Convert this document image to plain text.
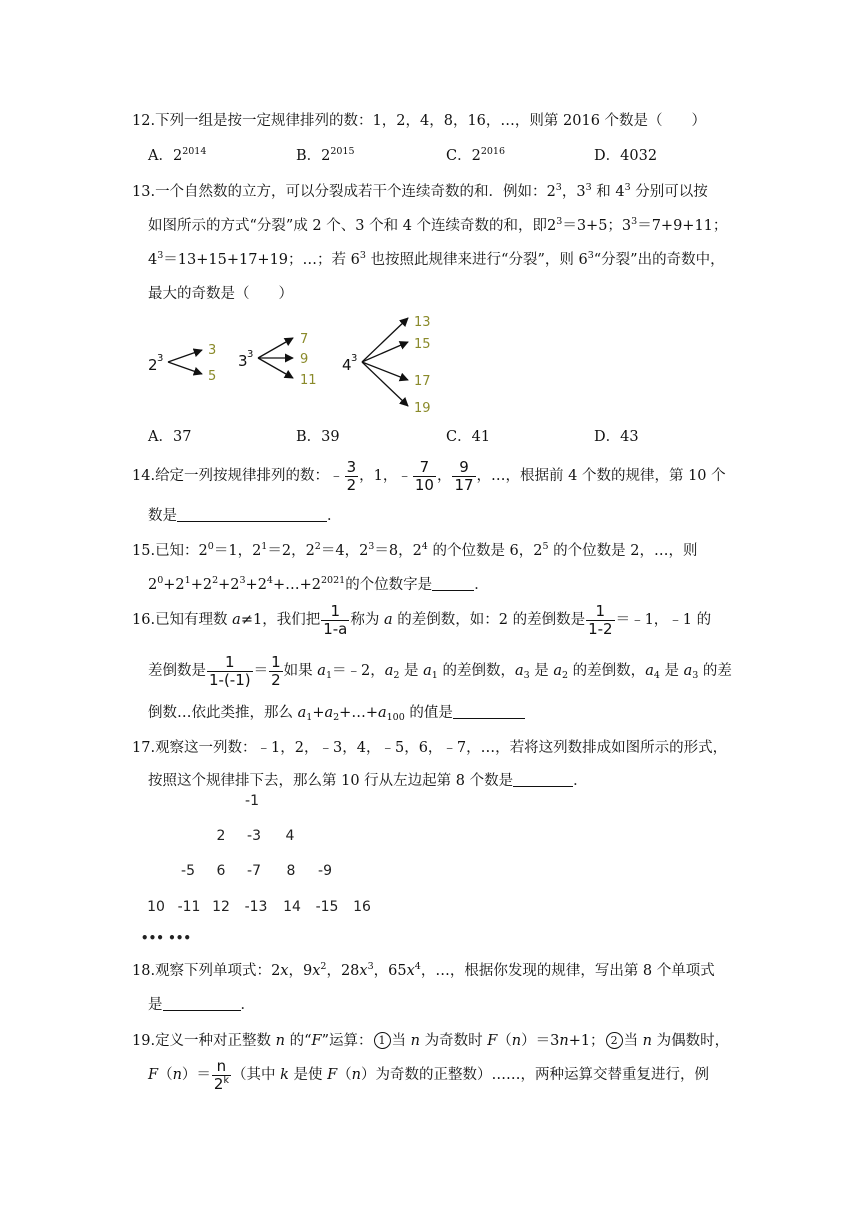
12.下列一组是按一定规律排列的数：1，2，4，8，16，…，则第 2016 个数是（　　）
A．$2^{2014}$	B．$2^{2015}$	C．$2^{2016}$	D．4032
13.一个自然数的立方，可以分裂成若干个连续奇数的和．例如：$2^3$，$3^3$ 和 $4^3$ 分别可以按
如图所示的方式“分裂”成 2 个、3 个和 4 个连续奇数的和，即$2^3=3+5$；$3^3=7+9+11$；
$4^3=13+15+17+19$；…；若 $6^3$ 也按照此规律来进行“分裂”，则 $6^3“$分裂”出的奇数中，
最大的奇数是（　　）
2 3
3
5
3 3
7
9
11
4 3
13
15
17
19
A．37	B．39	C．41	D．43
14.给定一列按规律排列的数：﹣ $\frac{3}{2}$ ，1，﹣ $\frac{7}{10}$ ， $\frac{9}{17}$ ，…，根据前 4 个数的规律，第 10 个
数是	．
15.已知：$2^0=1$，$2^1=2$，$2^2=4$，$2^3=8$，$2^4$ 的个位数是 6，$2^5$ 的个位数是 2，…，则
$2^0+2^1+2^2+2^3+2^4+\dots+2^{2021}$的个位数字是	．
16.已知有理数 a≠1，我们把 $\frac{1}{1-a}$ 称为 a 的差倒数，如：2 的差倒数是 $\frac{1}{1-2}$ ＝﹣1，﹣1 的
差倒数是 $\frac{1}{1-(-1)} = \frac{1}{2}$ 如果 $a_1=﹣2$，$a_2$ 是 $a_1$ 的差倒数，$a_3$ 是 $a_2$ 的差倒数，$a_4$ 是 $a_3$ 的差
倒数…依此类推，那么 $a_1+a_2+\dots+a_{100}$ 的值是
17.观察这一列数：﹣1，2，﹣3，4，﹣5，6，﹣7，…，若将这列数排成如图所示的形式，
按照这个规律排下去，那么第 10 行从左边起第 8 个数是	．
-1
2 -3 4
-5 6 -7 8 -9
10 -11 12 -13 14 -15 16
••• •••
18.观察下列单项式：2x，$9x^2$，$28x^3$，$65x^4$，…，根据你发现的规律，写出第 8 个单项式
是	．
19.定义一种对正整数 n 的“F”运算： 1 当 n 为奇数时 F（n）＝3n+1； 2 当 n 为偶数时，
$F(n)= \frac{n}{2^k}$ （其中 k 是使 F（n）为奇数的正整数）……，两种运算交替重复进行，例
